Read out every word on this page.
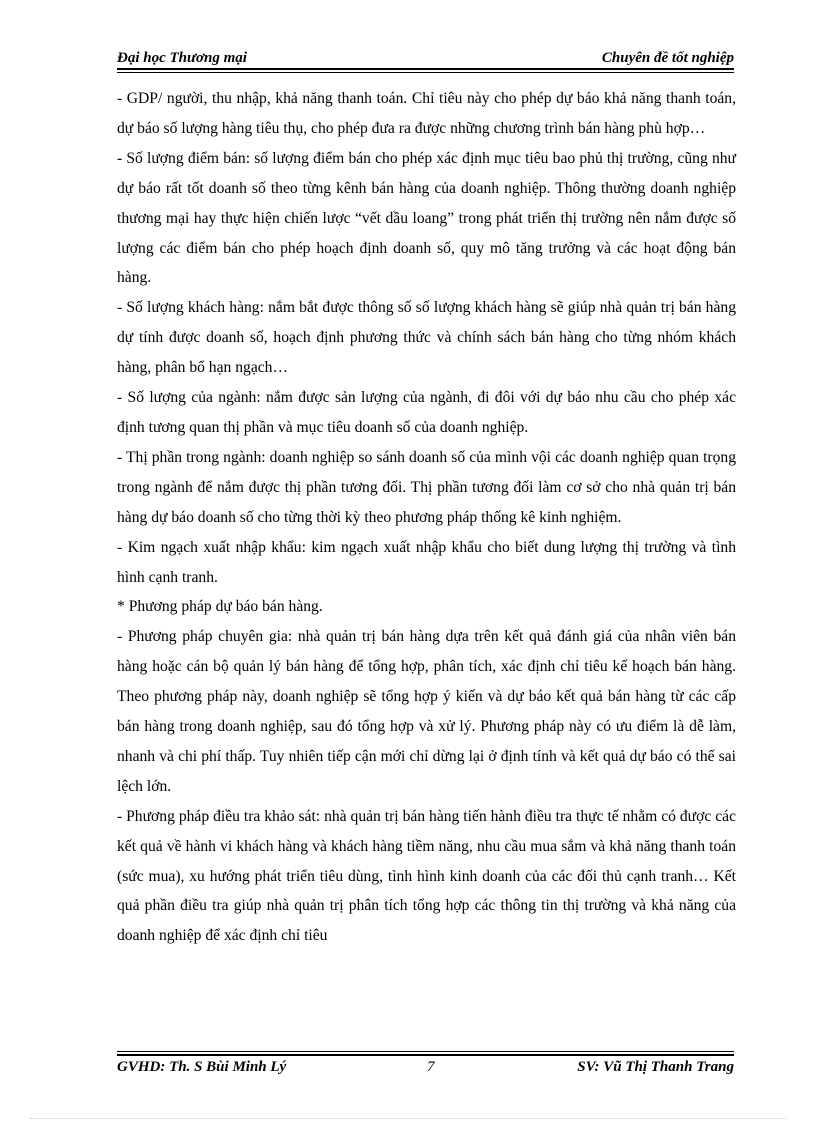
Đại học Thương mại	Chuyên đề tốt nghiệp

- GDP/ người, thu nhập, khả năng thanh toán. Chỉ tiêu này cho phép dự báo khả năng thanh toán, dự báo số lượng hàng tiêu thụ, cho phép đưa ra được những chương trình bán hàng phù hợp…

- Số lượng điểm bán: số lượng điểm bán cho phép xác định mục tiêu bao phủ thị trường, cũng như dự báo rất tốt doanh số theo từng kênh bán hàng của doanh nghiệp. Thông thường doanh nghiệp thương mại hay thực hiện chiến lược “vết dầu loang” trong phát triển thị trường nên nắm được số lượng các điểm bán cho phép hoạch định doanh số, quy mô tăng trưởng và các hoạt động bán hàng.

- Số lượng khách hàng: nắm bắt được thông số số lượng khách hàng sẽ giúp nhà quản trị bán hàng dự tính được doanh số, hoạch định phương thức và chính sách bán hàng cho từng nhóm khách hàng, phân bổ hạn ngạch…

- Số lượng của ngành: nắm được sản lượng của ngành, đi đôi với dự báo nhu cầu cho phép xác định tương quan thị phần và mục tiêu doanh số của doanh nghiệp.

- Thị phần trong ngành: doanh nghiệp so sánh doanh số của mình vội các doanh nghiệp quan trọng trong ngành để nắm được thị phần tương đối. Thị phần tương đối làm cơ sở cho nhà quản trị bán hàng dự báo doanh số cho từng thời kỳ theo phương pháp thống kê kinh nghiệm.

- Kim ngạch xuất nhập khẩu: kim ngạch xuất nhập khẩu cho biết dung lượng thị trường và tình hình cạnh tranh.

* Phương pháp dự báo bán hàng.

- Phương pháp chuyên gia: nhà quản trị bán hàng dựa trên kết quả đánh giá của nhân viên bán hàng hoặc cán bộ quản lý bán hàng để tổng hợp, phân tích, xác định chỉ tiêu kế hoạch bán hàng. Theo phương pháp này, doanh nghiệp sẽ tổng hợp ý kiến và dự báo kết quả bán hàng từ các cấp bán hàng trong doanh nghiệp, sau đó tổng hợp và xử lý. Phương pháp này có ưu điểm là dễ làm, nhanh và chi phí thấp. Tuy nhiên tiếp cận mới chỉ dừng lại ở định tính và kết quả dự báo có thể sai lệch lớn.

- Phương pháp điều tra khảo sát: nhà quản trị bán hàng tiến hành điều tra thực tế nhằm có được các kết quả về hành vi khách hàng và khách hàng tiềm năng, nhu cầu mua sắm và khả năng thanh toán (sức mua), xu hướng phát triển tiêu dùng, tình hình kinh doanh của các đối thủ cạnh tranh… Kết quả phần điều tra giúp nhà quản trị phân tích tổng hợp các thông tin thị trường và khả năng của doanh nghiệp để xác định chỉ tiêu

GVHD: Th. S Bùi Minh Lý	7	SV: Vũ Thị Thanh Trang
